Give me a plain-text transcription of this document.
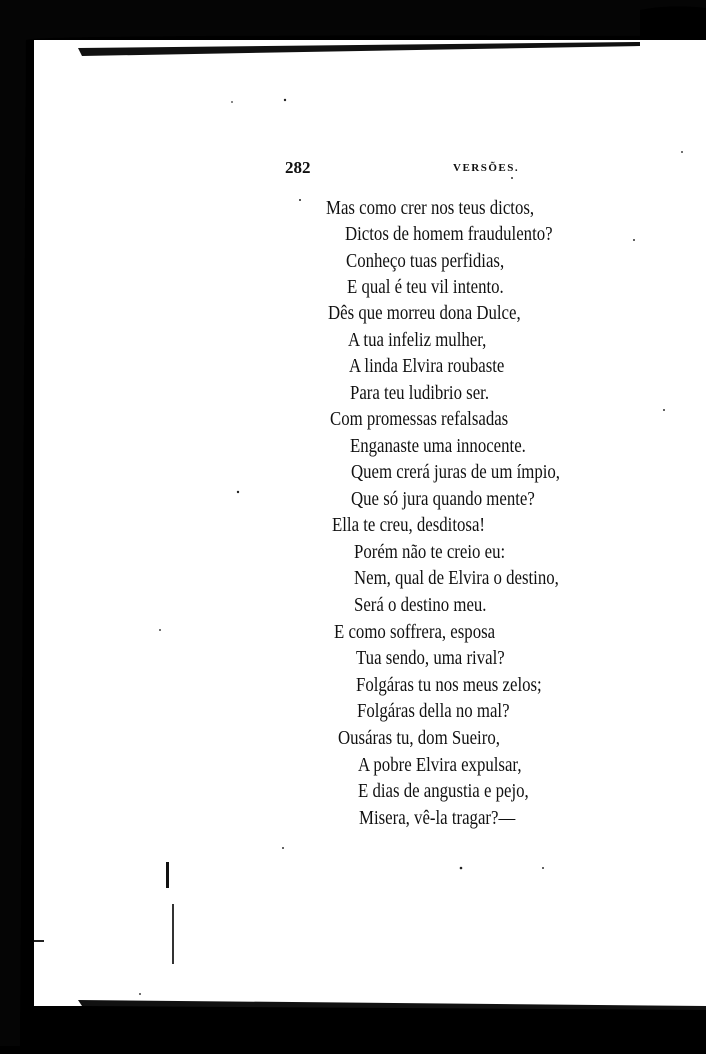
282	VERSÕES.
Mas como crer nos teus dictos,
Dictos de homem fraudulento?
Conheço tuas perfidias,
E qual é teu vil intento.
Dês que morreu dona Dulce,
A tua infeliz mulher,
A linda Elvira roubaste
Para teu ludibrio ser.
Com promessas refalsadas
Enganaste uma innocente.
Quem crerá juras de um ímpio,
Que só jura quando mente?
Ella te creu, desditosa!
Porém não te creio eu:
Nem, qual de Elvira o destino,
Será o destino meu.
E como soffrera, esposa
Tua sendo, uma rival?
Folgáras tu nos meus zelos;
Folgáras della no mal?
Ousáras tu, dom Sueiro,
A pobre Elvira expulsar,
E dias de angustia e pejo,
Misera, vê-la tragar?—
